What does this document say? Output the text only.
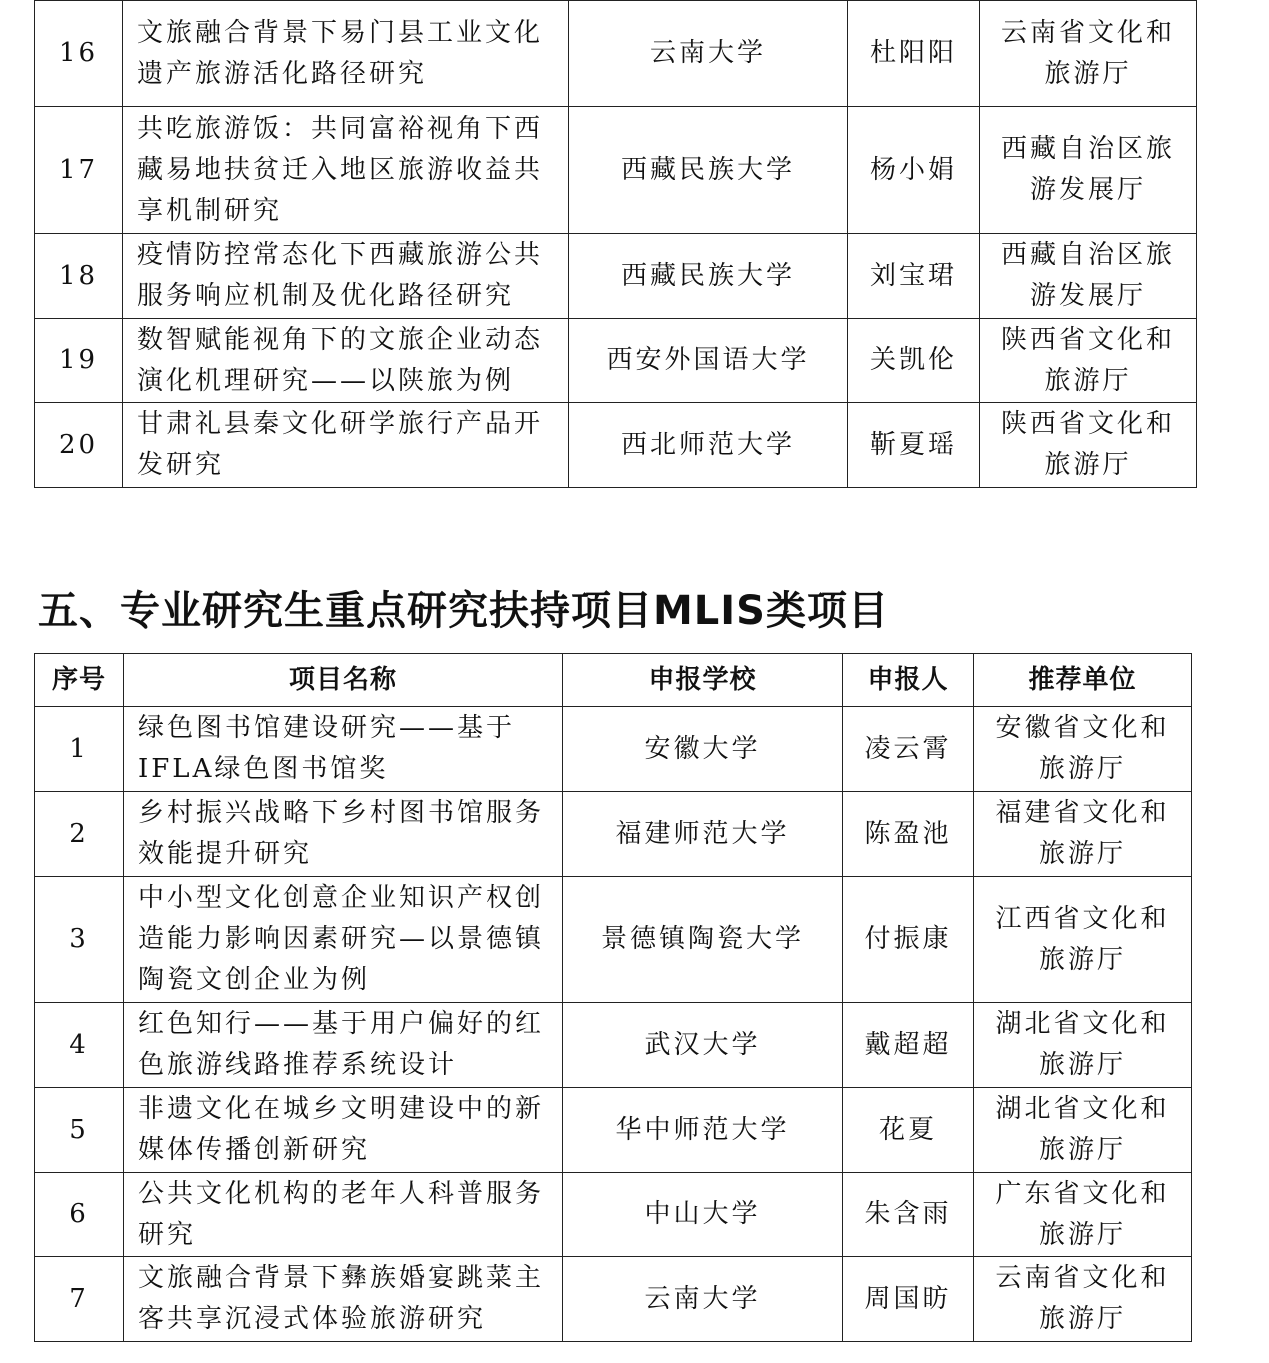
16	文旅融合背景下易门县工业文化遗产旅游活化路径研究	云南大学	杜阳阳	云南省文化和旅游厅
17	共吃旅游饭：共同富裕视角下西藏易地扶贫迁入地区旅游收益共享机制研究	西藏民族大学	杨小娟	西藏自治区旅游发展厅
18	疫情防控常态化下西藏旅游公共服务响应机制及优化路径研究	西藏民族大学	刘宝珺	西藏自治区旅游发展厅
19	数智赋能视角下的文旅企业动态演化机理研究——以陕旅为例	西安外国语大学	关凯伦	陕西省文化和旅游厅
20	甘肃礼县秦文化研学旅行产品开发研究	西北师范大学	靳夏瑶	陕西省文化和旅游厅
五、专业研究生重点研究扶持项目MLIS类项目
序号	项目名称	申报学校	申报人	推荐单位
1	绿色图书馆建设研究——基于IFLA绿色图书馆奖	安徽大学	凌云霄	安徽省文化和旅游厅
2	乡村振兴战略下乡村图书馆服务效能提升研究	福建师范大学	陈盈池	福建省文化和旅游厅
3	中小型文化创意企业知识产权创造能力影响因素研究—以景德镇陶瓷文创企业为例	景德镇陶瓷大学	付振康	江西省文化和旅游厅
4	红色知行——基于用户偏好的红色旅游线路推荐系统设计	武汉大学	戴超超	湖北省文化和旅游厅
5	非遗文化在城乡文明建设中的新媒体传播创新研究	华中师范大学	花夏	湖北省文化和旅游厅
6	公共文化机构的老年人科普服务研究	中山大学	朱含雨	广东省文化和旅游厅
7	文旅融合背景下彝族婚宴跳菜主客共享沉浸式体验旅游研究	云南大学	周国昉	云南省文化和旅游厅
